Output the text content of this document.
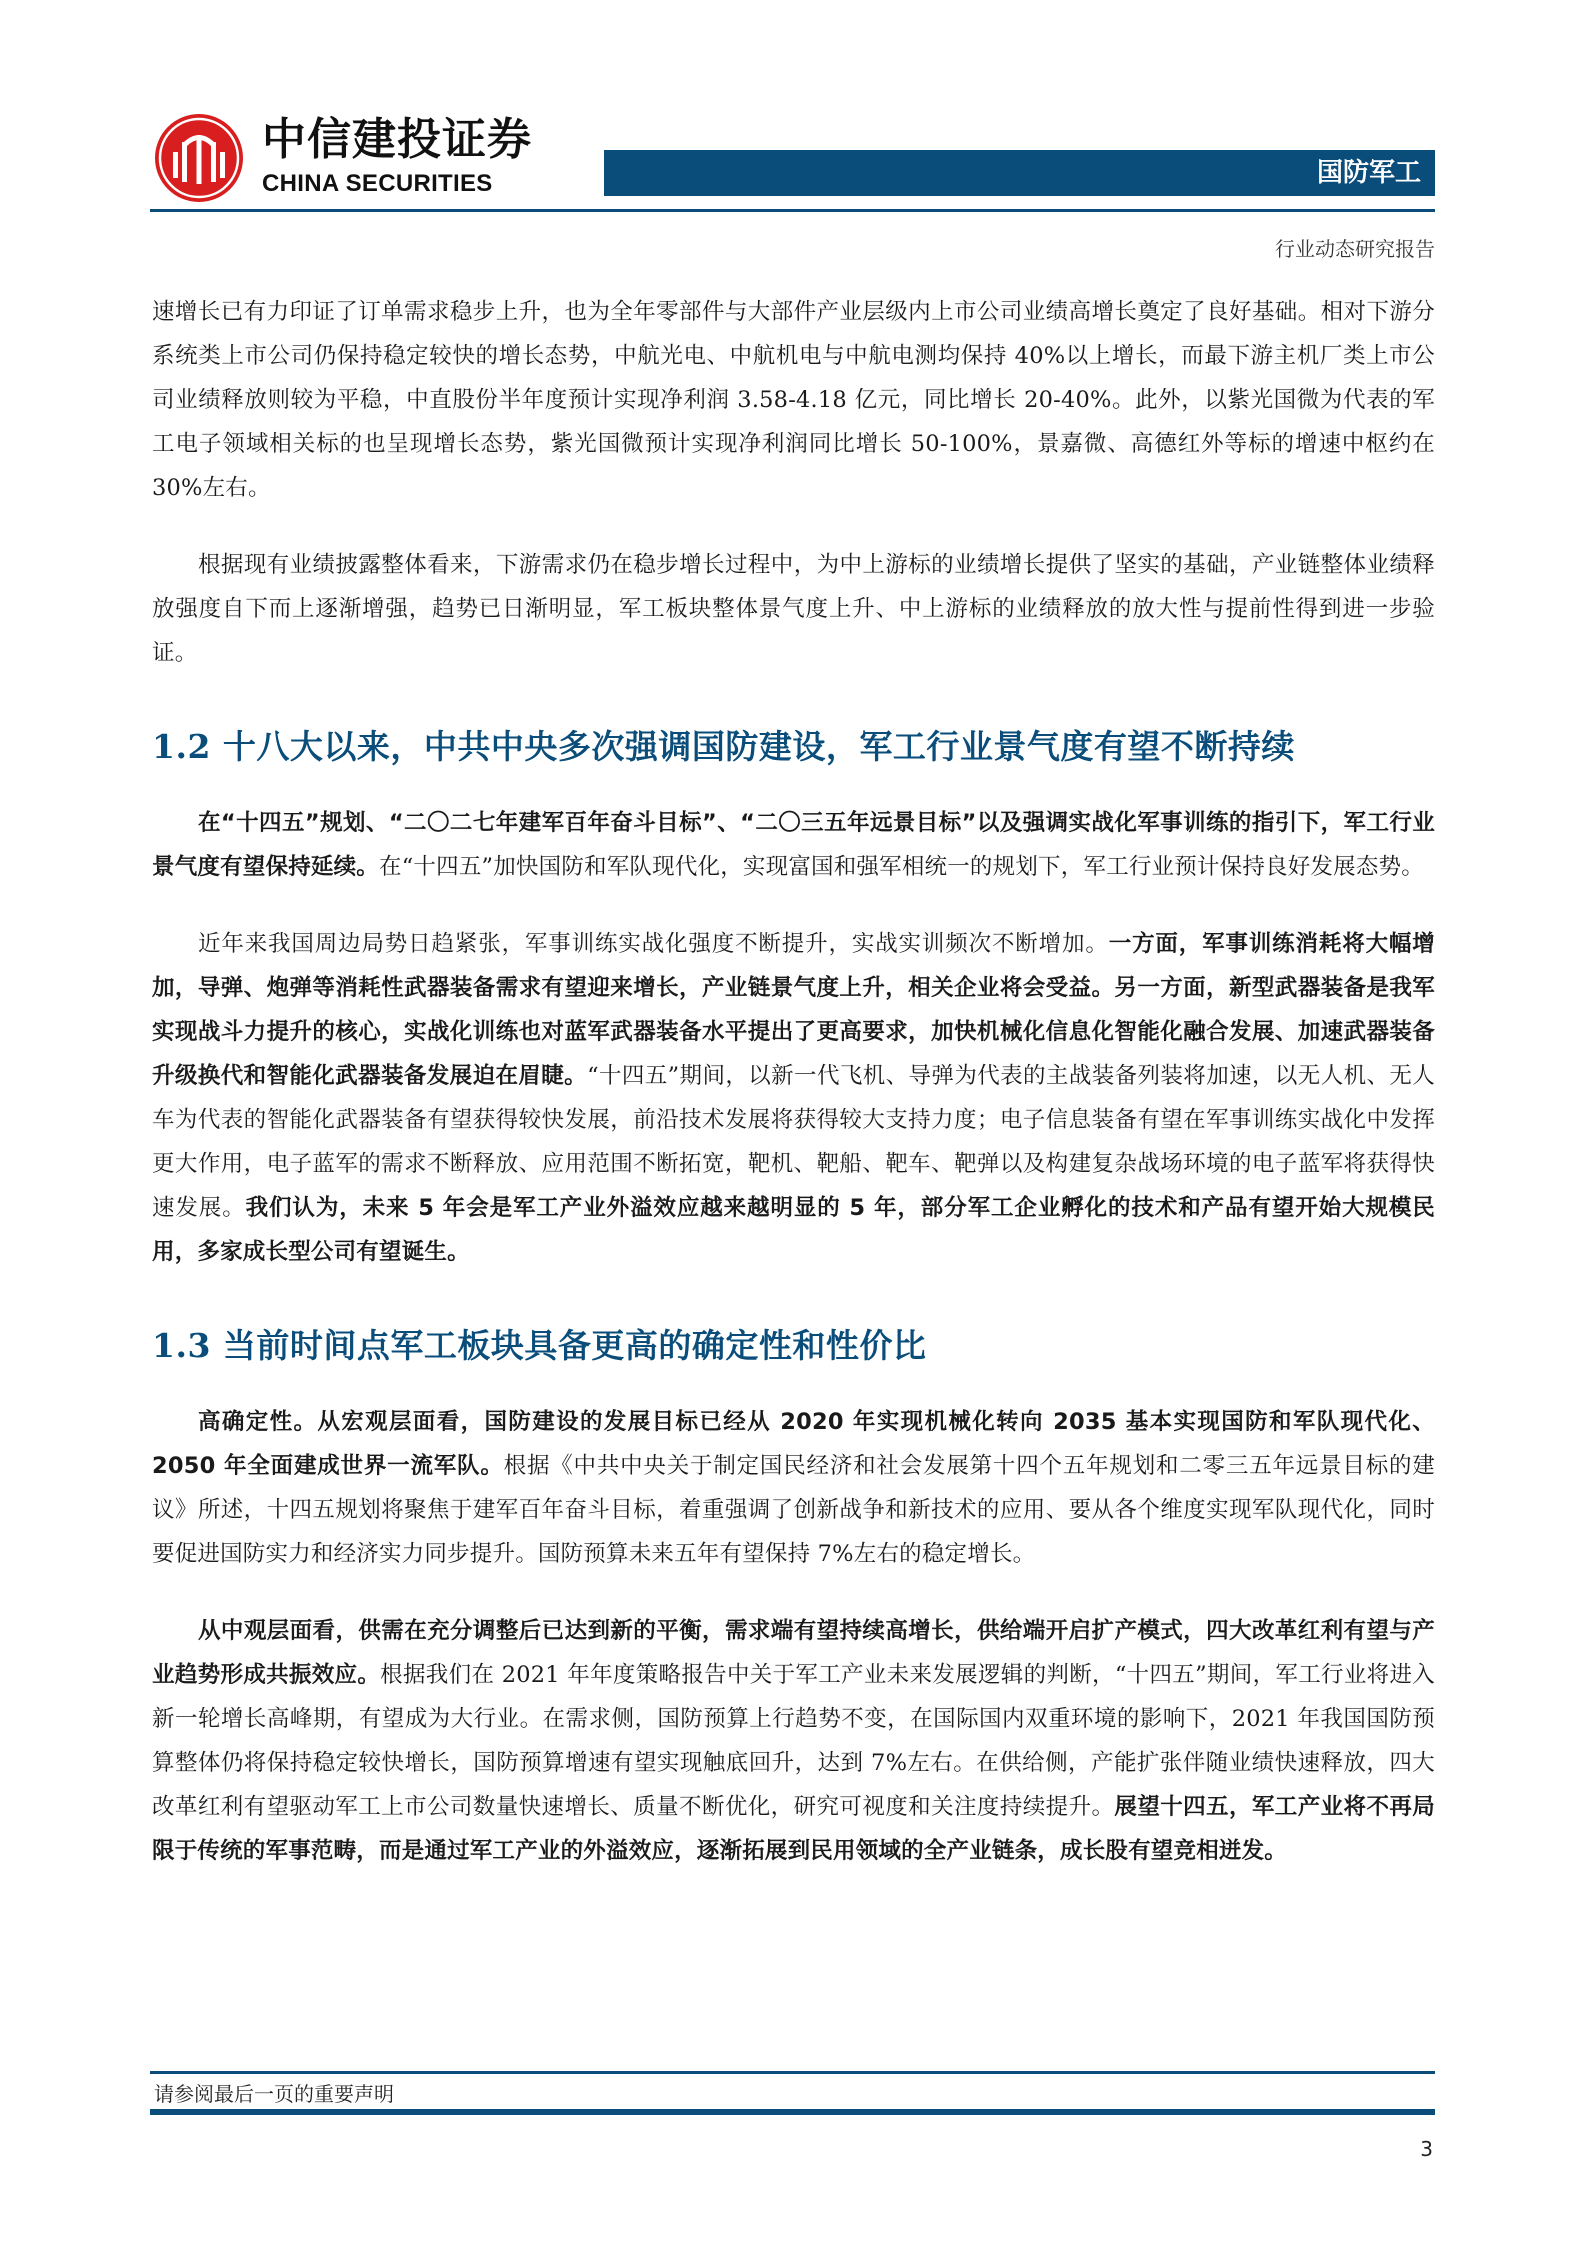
中信建投证券
CHINA SECURITIES	国防军工
行业动态研究报告

速增长已有力印证了订单需求稳步上升，也为全年零部件与大部件产业层级内上市公司业绩高增长奠定了良好基础。相对下游分系统类上市公司仍保持稳定较快的增长态势，中航光电、中航机电与中航电测均保持 40%以上增长，而最下游主机厂类上市公司业绩释放则较为平稳，中直股份半年度预计实现净利润 3.58-4.18 亿元，同比增长 20-40%。此外，以紫光国微为代表的军工电子领域相关标的也呈现增长态势，紫光国微预计实现净利润同比增长 50-100%，景嘉微、高德红外等标的增速中枢约在 30%左右。

根据现有业绩披露整体看来，下游需求仍在稳步增长过程中，为中上游标的业绩增长提供了坚实的基础，产业链整体业绩释放强度自下而上逐渐增强，趋势已日渐明显，军工板块整体景气度上升、中上游标的业绩释放的放大性与提前性得到进一步验证。

1.2 十八大以来，中共中央多次强调国防建设，军工行业景气度有望不断持续

在“十四五”规划、“二〇二七年建军百年奋斗目标”、“二〇三五年远景目标”以及强调实战化军事训练的指引下，军工行业景气度有望保持延续。在“十四五”加快国防和军队现代化，实现富国和强军相统一的规划下，军工行业预计保持良好发展态势。

近年来我国周边局势日趋紧张，军事训练实战化强度不断提升，实战实训频次不断增加。一方面，军事训练消耗将大幅增加，导弹、炮弹等消耗性武器装备需求有望迎来增长，产业链景气度上升，相关企业将会受益。另一方面，新型武器装备是我军实现战斗力提升的核心，实战化训练也对蓝军武器装备水平提出了更高要求，加快机械化信息化智能化融合发展、加速武器装备升级换代和智能化武器装备发展迫在眉睫。“十四五”期间，以新一代飞机、导弹为代表的主战装备列装将加速，以无人机、无人车为代表的智能化武器装备有望获得较快发展，前沿技术发展将获得较大支持力度；电子信息装备有望在军事训练实战化中发挥更大作用，电子蓝军的需求不断释放、应用范围不断拓宽，靶机、靶船、靶车、靶弹以及构建复杂战场环境的电子蓝军将获得快速发展。我们认为，未来 5 年会是军工产业外溢效应越来越明显的 5 年，部分军工企业孵化的技术和产品有望开始大规模民用，多家成长型公司有望诞生。

1.3 当前时间点军工板块具备更高的确定性和性价比

高确定性。从宏观层面看，国防建设的发展目标已经从 2020 年实现机械化转向 2035 基本实现国防和军队现代化、2050 年全面建成世界一流军队。根据《中共中央关于制定国民经济和社会发展第十四个五年规划和二零三五年远景目标的建议》所述，十四五规划将聚焦于建军百年奋斗目标，着重强调了创新战争和新技术的应用、要从各个维度实现军队现代化，同时要促进国防实力和经济实力同步提升。国防预算未来五年有望保持 7%左右的稳定增长。

从中观层面看，供需在充分调整后已达到新的平衡，需求端有望持续高增长，供给端开启扩产模式，四大改革红利有望与产业趋势形成共振效应。根据我们在 2021 年年度策略报告中关于军工产业未来发展逻辑的判断，“十四五”期间，军工行业将进入新一轮增长高峰期，有望成为大行业。在需求侧，国防预算上行趋势不变，在国际国内双重环境的影响下，2021 年我国国防预算整体仍将保持稳定较快增长，国防预算增速有望实现触底回升，达到 7%左右。在供给侧，产能扩张伴随业绩快速释放，四大改革红利有望驱动军工上市公司数量快速增长、质量不断优化，研究可视度和关注度持续提升。展望十四五，军工产业将不再局限于传统的军事范畴，而是通过军工产业的外溢效应，逐渐拓展到民用领域的全产业链条，成长股有望竞相迸发。

请参阅最后一页的重要声明
3
